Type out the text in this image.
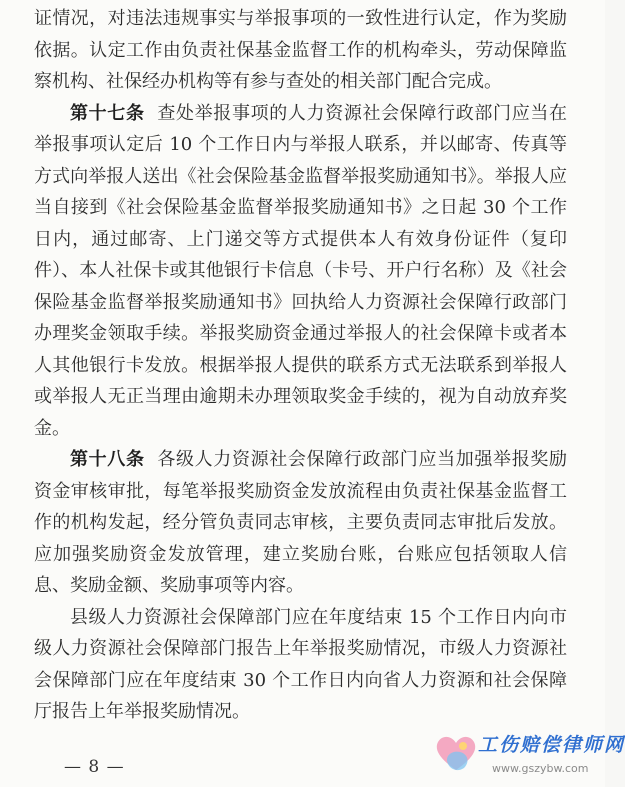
证情况，对违法违规事实与举报事项的一致性进行认定，作为奖励依据。认定工作由负责社保基金监督工作的机构牵头，劳动保障监察机构、社保经办机构等有参与查处的相关部门配合完成。

第十七条 查处举报事项的人力资源社会保障行政部门应当在举报事项认定后 10 个工作日内与举报人联系，并以邮寄、传真等方式向举报人送出《社会保险基金监督举报奖励通知书》。举报人应当自接到《社会保险基金监督举报奖励通知书》之日起 30 个工作日内，通过邮寄、上门递交等方式提供本人有效身份证件（复印件）、本人社保卡或其他银行卡信息（卡号、开户行名称）及《社会保险基金监督举报奖励通知书》回执给人力资源社会保障行政部门办理奖金领取手续。举报奖励资金通过举报人的社会保障卡或者本人其他银行卡发放。根据举报人提供的联系方式无法联系到举报人或举报人无正当理由逾期未办理领取奖金手续的，视为自动放弃奖金。

第十八条 各级人力资源社会保障行政部门应当加强举报奖励资金审核审批，每笔举报奖励资金发放流程由负责社保基金监督工作的机构发起，经分管负责同志审核，主要负责同志审批后发放。应加强奖励资金发放管理，建立奖励台账，台账应包括领取人信息、奖励金额、奖励事项等内容。

县级人力资源社会保障部门应在年度结束 15 个工作日内向市级人力资源社会保障部门报告上年举报奖励情况，市级人力资源社会保障部门应在年度结束 30 个工作日内向省人力资源和社会保障厅报告上年举报奖励情况。

— 8 —
工伤赔偿律师网
www.gszybw.com
